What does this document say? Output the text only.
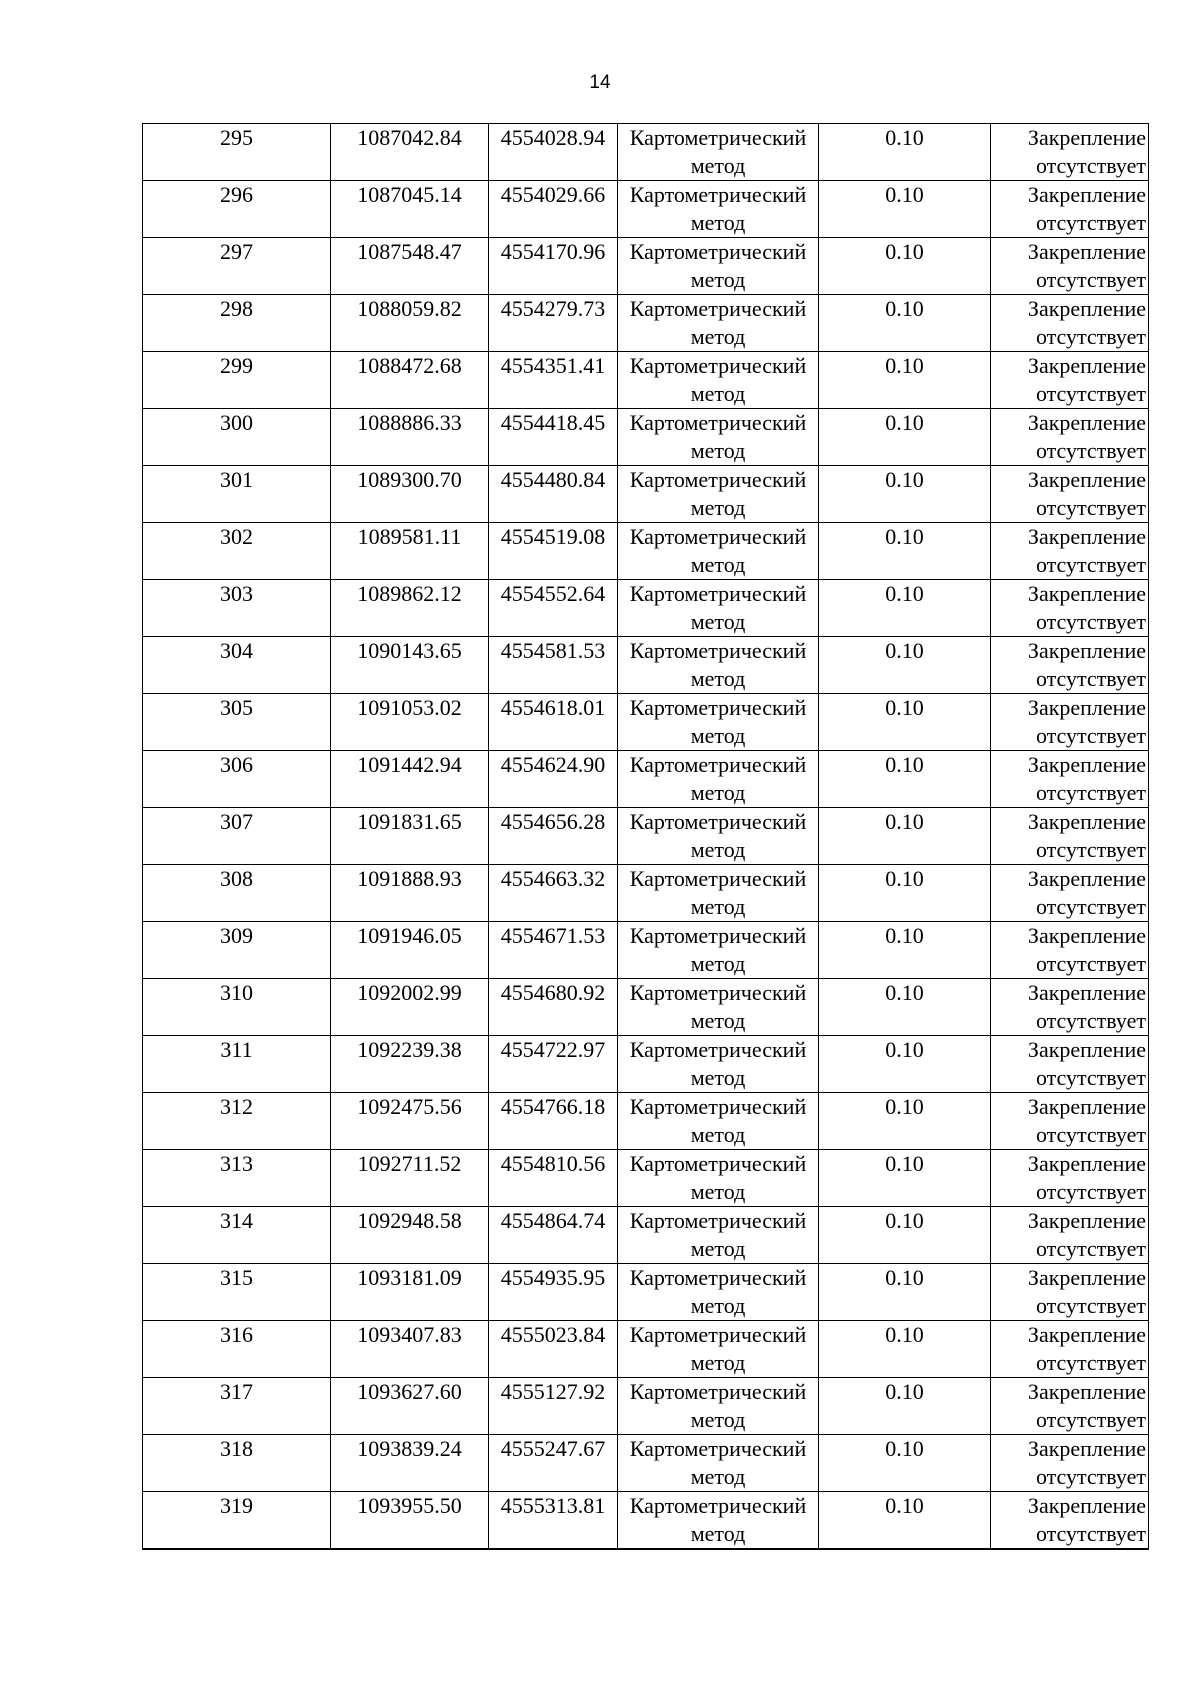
14
295	1087042.84	4554028.94	Картометрический метод	0.10	Закрепление отсутствует
296	1087045.14	4554029.66	Картометрический метод	0.10	Закрепление отсутствует
297	1087548.47	4554170.96	Картометрический метод	0.10	Закрепление отсутствует
298	1088059.82	4554279.73	Картометрический метод	0.10	Закрепление отсутствует
299	1088472.68	4554351.41	Картометрический метод	0.10	Закрепление отсутствует
300	1088886.33	4554418.45	Картометрический метод	0.10	Закрепление отсутствует
301	1089300.70	4554480.84	Картометрический метод	0.10	Закрепление отсутствует
302	1089581.11	4554519.08	Картометрический метод	0.10	Закрепление отсутствует
303	1089862.12	4554552.64	Картометрический метод	0.10	Закрепление отсутствует
304	1090143.65	4554581.53	Картометрический метод	0.10	Закрепление отсутствует
305	1091053.02	4554618.01	Картометрический метод	0.10	Закрепление отсутствует
306	1091442.94	4554624.90	Картометрический метод	0.10	Закрепление отсутствует
307	1091831.65	4554656.28	Картометрический метод	0.10	Закрепление отсутствует
308	1091888.93	4554663.32	Картометрический метод	0.10	Закрепление отсутствует
309	1091946.05	4554671.53	Картометрический метод	0.10	Закрепление отсутствует
310	1092002.99	4554680.92	Картометрический метод	0.10	Закрепление отсутствует
311	1092239.38	4554722.97	Картометрический метод	0.10	Закрепление отсутствует
312	1092475.56	4554766.18	Картометрический метод	0.10	Закрепление отсутствует
313	1092711.52	4554810.56	Картометрический метод	0.10	Закрепление отсутствует
314	1092948.58	4554864.74	Картометрический метод	0.10	Закрепление отсутствует
315	1093181.09	4554935.95	Картометрический метод	0.10	Закрепление отсутствует
316	1093407.83	4555023.84	Картометрический метод	0.10	Закрепление отсутствует
317	1093627.60	4555127.92	Картометрический метод	0.10	Закрепление отсутствует
318	1093839.24	4555247.67	Картометрический метод	0.10	Закрепление отсутствует
319	1093955.50	4555313.81	Картометрический метод	0.10	Закрепление отсутствует
